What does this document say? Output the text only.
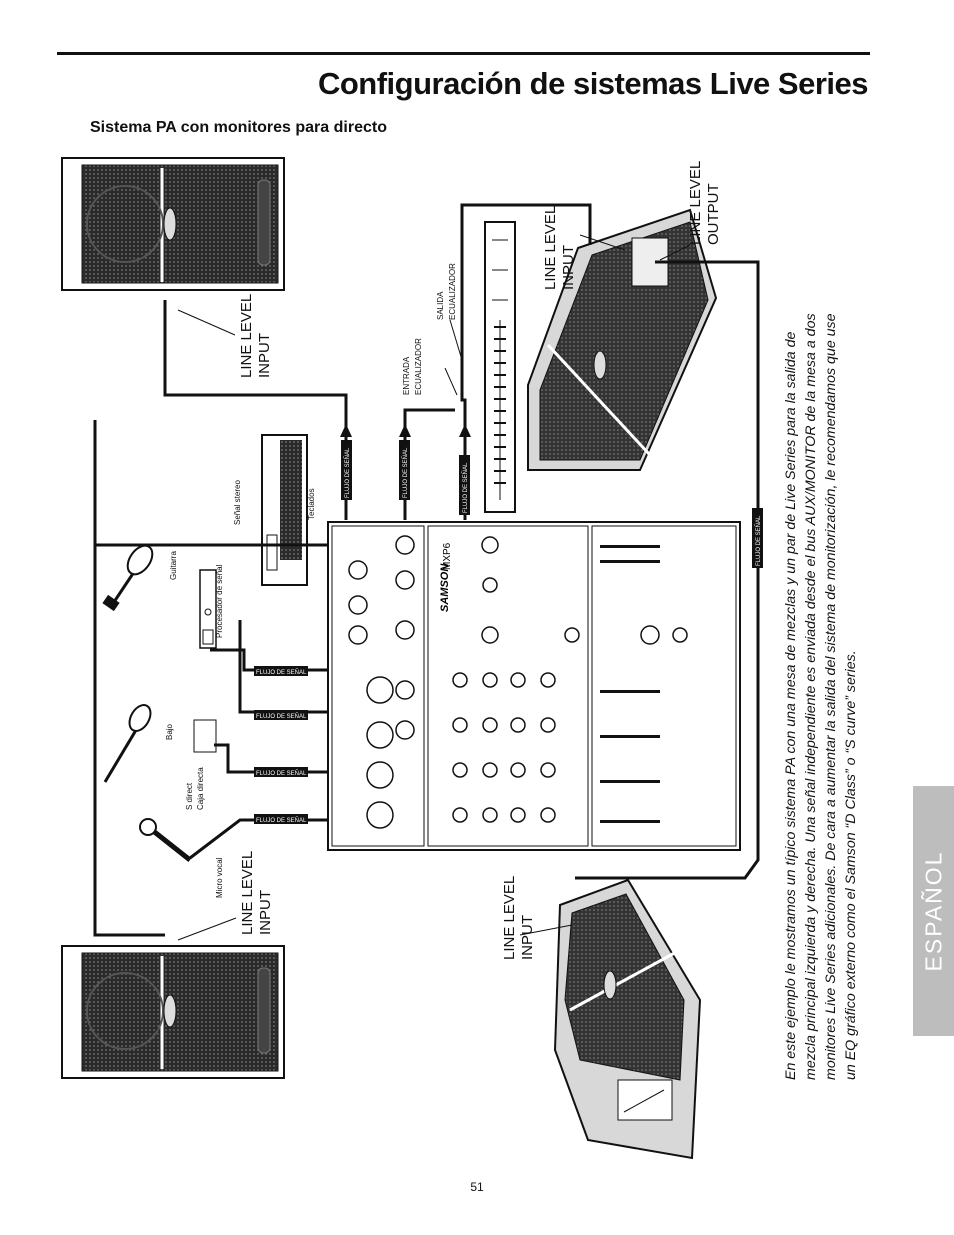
Configuración de sistemas Live Series
Sistema PA con monitores para directo
ESPAÑOL
51
SAMSON
MXP6
FLUJO DE SEÑAL	FLUJO DE SEÑAL	FLUJO DE SEÑAL
FLUJO DE SEÑAL
FLUJO DE SEÑAL
FLUJO DE SEÑAL
FLUJO DE SEÑAL
FLUJO DE SEÑAL
LINE LEVEL INPUT
LINE LEVEL INPUT	LINE LEVEL INPUT
LINE LEVEL INPUT
LINE LEVEL OUTPUT
SALIDA ECUALIZADOR
ENTRADA ECUALIZADOR
Señal stereo	Teclados
Guitarra	Procesador de señal
Bajo
S direct Caja directa
Micro vocal	En este ejemplo le mostramos un típico sistema PA con una mesa de mezclas y un par de Live Series para la salida de mezcla principal izquierda y derecha. Una señal independiente es enviada desde el bus AUX/MONITOR de la mesa a dos monitores Live Series adicionales. De cara a aumentar la salida del sistema de monitorización, le recomendamos que use un EQ gráfico externo como el Samson “D Class” o “S curve” series.
